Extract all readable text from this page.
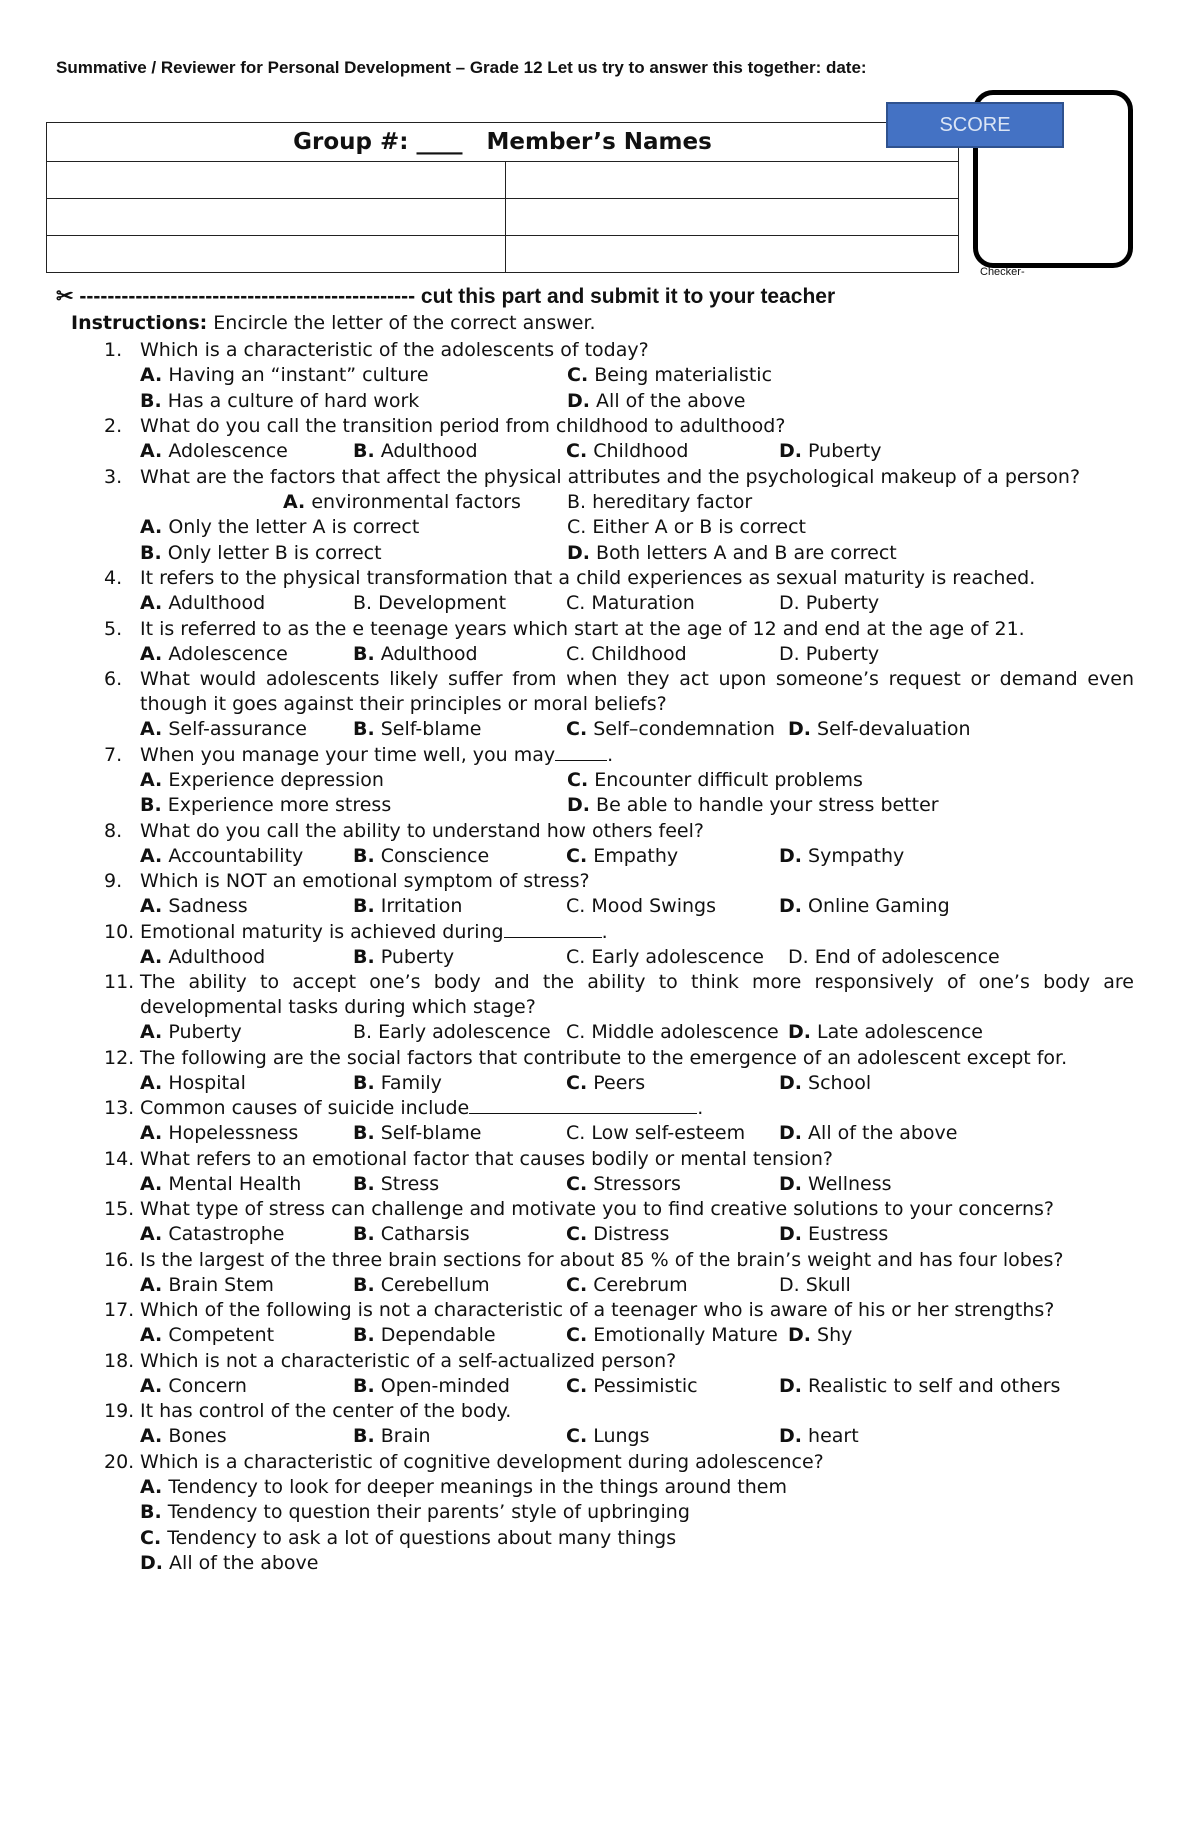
Summative / Reviewer for Personal Development – Grade 12 Let us try to answer this together: date:
Group #: ____ Member’s Names	

SCORE
Checker-
✂ ------------------------------------------------ cut this part and submit it to your teacher
Instructions: Encircle the letter of the correct answer.
1. Which is a characteristic of the adolescents of today?
A. Having an “instant” culture	C. Being materialistic
B. Has a culture of hard work	D. All of the above
2. What do you call the transition period from childhood to adulthood?
A. Adolescence	B. Adulthood	C. Childhood	D. Puberty
3. What are the factors that affect the physical attributes and the psychological makeup of a person?
A. environmental factors	B. hereditary factor
A. Only the letter A is correct	C. Either A or B is correct
B. Only letter B is correct	D. Both letters A and B are correct
4. It refers to the physical transformation that a child experiences as sexual maturity is reached.
A. Adulthood	B. Development	C. Maturation	D. Puberty
5. It is referred to as the e teenage years which start at the age of 12 and end at the age of 21.
A. Adolescence	B. Adulthood	C. Childhood	D. Puberty
6. What would adolescents likely suffer from when they act upon someone’s request or demand even though it goes against their principles or moral beliefs?
A. Self-assurance	B. Self-blame	C. Self–condemnation D. Self-devaluation
7. When you manage your time well, you may	.
A. Experience depression	C. Encounter difficult problems
B. Experience more stress	D. Be able to handle your stress better
8. What do you call the ability to understand how others feel?
A. Accountability	B. Conscience	C. Empathy	D. Sympathy
9. Which is NOT an emotional symptom of stress?
A. Sadness	B. Irritation	C. Mood Swings	D. Online Gaming
10. Emotional maturity is achieved during	.
A. Adulthood	B. Puberty	C. Early adolescence	D. End of adolescence
11. The ability to accept one’s body and the ability to think more responsively of one’s body are developmental tasks during which stage?
A. Puberty	B. Early adolescence C. Middle adolescence D. Late adolescence
12. The following are the social factors that contribute to the emergence of an adolescent except for.
A. Hospital	B. Family	C. Peers	D. School
13. Common causes of suicide include	.
A. Hopelessness	B. Self-blame	C. Low self-esteem	D. All of the above
14. What refers to an emotional factor that causes bodily or mental tension?
A. Mental Health	B. Stress	C. Stressors	D. Wellness
15. What type of stress can challenge and motivate you to find creative solutions to your concerns?
A. Catastrophe	B. Catharsis	C. Distress	D. Eustress
16. Is the largest of the three brain sections for about 85 % of the brain’s weight and has four lobes?
A. Brain Stem	B. Cerebellum	C. Cerebrum	D. Skull
17. Which of the following is not a characteristic of a teenager who is aware of his or her strengths?
A. Competent	B. Dependable	C. Emotionally Mature D. Shy
18. Which is not a characteristic of a self-actualized person?
A. Concern	B. Open-minded	C. Pessimistic	D. Realistic to self and others
19. It has control of the center of the body.
A. Bones	B. Brain	C. Lungs	D. heart
20. Which is a characteristic of cognitive development during adolescence?
A. Tendency to look for deeper meanings in the things around them
B. Tendency to question their parents’ style of upbringing
C. Tendency to ask a lot of questions about many things
D. All of the above
